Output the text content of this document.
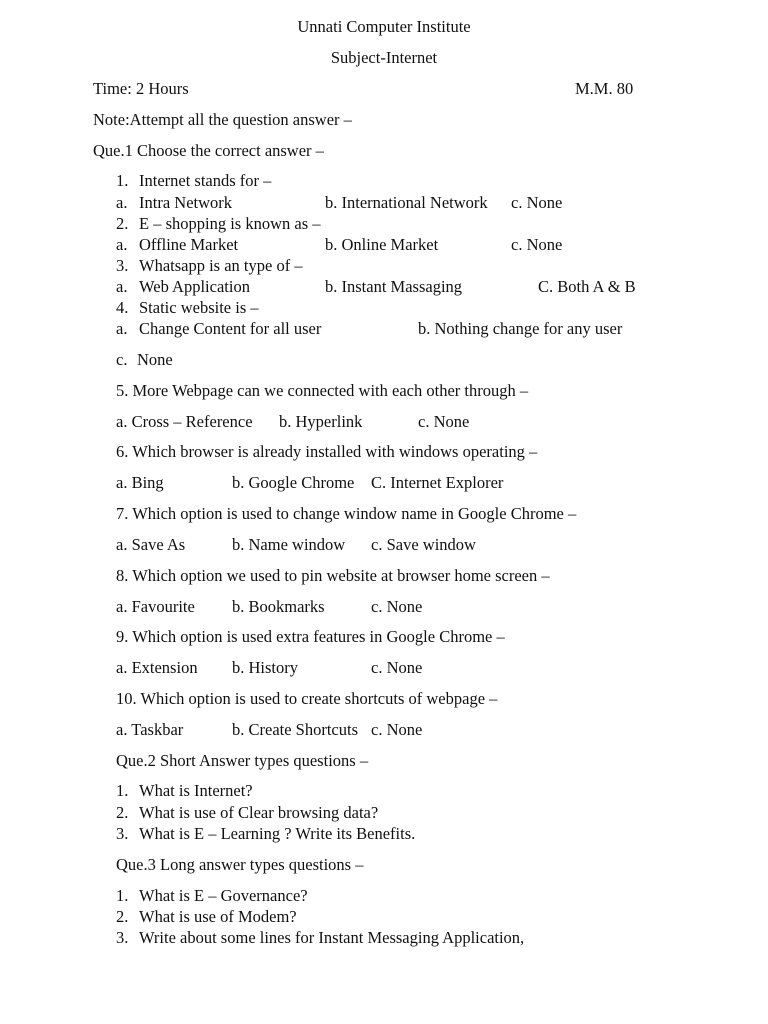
Unnati Computer Institute
Subject-Internet
Time: 2 Hours	M.M. 80
Note:Attempt all the question answer –
Que.1 Choose the correct answer –
1. Internet stands for –
a. Intra Network	b. International Network c. None
2. E – shopping is known as –
a. Offline Market	b. Online Market	c. None
3. Whatsapp is an type of –
a. Web Application	b. Instant Massaging	C. Both A & B
4. Static website is –
a. Change Content for all user	b. Nothing change for any user
c. None
5. More Webpage can we connected with each other through –
a. Cross – Reference b. Hyperlink	c. None
6. Which browser is already installed with windows operating –
a. Bing	b. Google Chrome C. Internet Explorer
7. Which option is used to change window name in Google Chrome –
a. Save As	b. Name window c. Save window
8. Which option we used to pin website at browser home screen –
a. Favourite b. Bookmarks	c. None
9. Which option is used extra features in Google Chrome –
a. Extension b. History	c. None
10. Which option is used to create shortcuts of webpage –
a. Taskbar	b. Create Shortcuts c. None
Que.2 Short Answer types questions –
1. What is Internet?
2. What is use of Clear browsing data?
3. What is E – Learning ? Write its Benefits.
Que.3 Long answer types questions –
1. What is E – Governance?
2. What is use of Modem?
3. Write about some lines for Instant Messaging Application,
